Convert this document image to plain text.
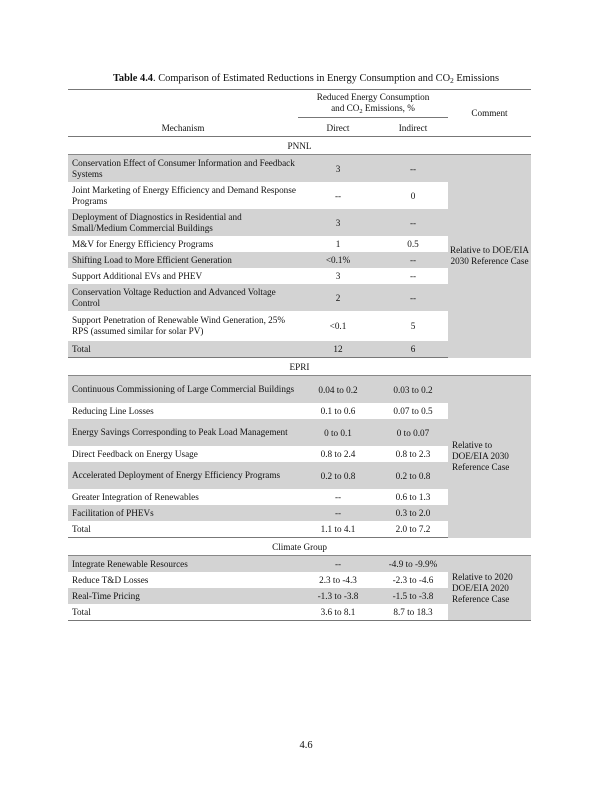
Table 4.4. Comparison of Estimated Reductions in Energy Consumption and $CO_2$ Emissions

	Reduced Energy Consumption
and $CO_2$ Emissions, %		Comment
Mechanism	Direct	Indirect	
PNNL			
Conservation Effect of Consumer Information and Feedback Systems	3	--	Relative to DOE/EIA 2030 Reference Case
Joint Marketing of Energy Efficiency and Demand Response Programs	--	0	
Deployment of Diagnostics in Residential and Small/Medium Commercial Buildings	3	--	
M&V for Energy Efficiency Programs	1	0.5	
Shifting Load to More Efficient Generation	<0.1%	--	
Support Additional EVs and PHEV	3	--	
Conservation Voltage Reduction and Advanced Voltage Control	2	--	
Support Penetration of Renewable Wind Generation, 25% RPS (assumed similar for solar PV)	<0.1	5	
Total	12	6	
EPRI			
Continuous Commissioning of Large Commercial Buildings	0.04 to 0.2	0.03 to 0.2	Relative to DOE/EIA 2030 Reference Case
Reducing Line Losses	0.1 to 0.6	0.07 to 0.5	
Energy Savings Corresponding to Peak Load Management	0 to 0.1	0 to 0.07	
Direct Feedback on Energy Usage	0.8 to 2.4	0.8 to 2.3	
Accelerated Deployment of Energy Efficiency Programs	0.2 to 0.8	0.2 to 0.8	
Greater Integration of Renewables	--	0.6 to 1.3	
Facilitation of PHEVs	--	0.3 to 2.0	
Total	1.1 to 4.1	2.0 to 7.2	
Climate Group			
Integrate Renewable Resources	--	-4.9 to -9.9%	Relative to 2020 DOE/EIA 2020 Reference Case
Reduce T&D Losses	2.3 to -4.3	-2.3 to -4.6	
Real-Time Pricing	-1.3 to -3.8	-1.5 to -3.8	
Total	3.6 to 8.1	8.7 to 18.3	
4.6
